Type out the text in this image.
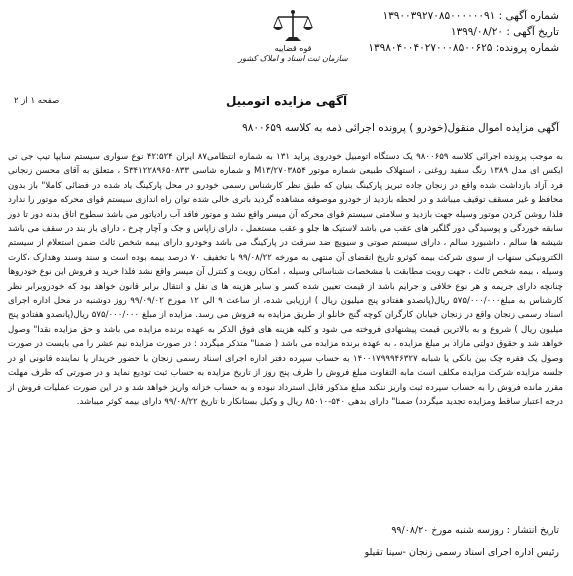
شماره آگهی : ۱۳۹۰۰۳۹۲۷۰۸۵۰۰۰۰۰۰۹۱
تاریخ آگهی : ۱۳۹۹/۰۸/۲۰
شماره پرونده: ۱۳۹۸۰۴۰۰۴۰۲۷۰۰۰۸۵۰۰۶۲۵
قوه قضاییه
سازمان ثبت اسناد و املاک کشور
صفحه ۱ از ۲	آگهی مزایده اتومبیل
آگهی مزایده اموال منقول(خودرو ) پرونده اجرائی ذمه به کلاسه ۹۸۰۰۶۵۹
به موجب پرونده اجرائی کلاسه ۹۸۰۰۶۵۹ یک دستگاه اتومبیل خودروی پراید ۱۳۱ به شماره انتظامی۸۷ ایران ۴۲:۵۲۴ نوع سواری سیستم سایپا تیپ جی تی ایکس ای مدل ۱۳۸۹ رنگ سفید روغنی ، استهلاک طبیعی شماره موتور M۱۳/۲۷۰۳۸۵۴ و شماره شاسی S۳۴۱۲۲۸۹۶۵۰۸۳۳ ، متعلق به آقای محسن زنجانی فرد آزاد بازداشت شده واقع در زنجان جاده تبریز پارکینگ بنیان که طبق نظر کارشناس رسمی خودرو در محل پارکینگ یاد شده در فضائی کاملا" باز بدون محافظ و غیر مسقف توقیف میباشد و در لحظه بازدید از خودرو موصوفه مشاهده گردید باتری خالی شده توان راه اندازی سیستم قوای محرکه موتور را ندارد فلذا روشن کردن موتور وسیله جهت بازدید و سلامتی سیستم قوای محرکه آن میسر واقع نشد و موتور فاقد آب رادیاتور می باشد سطوح اتاق بدنه دور تا دور سابقه خوردگی و پوسیدگی دور گلگیر های عقب می باشد لاستیک ها جلو و عقب مستعمل ، دارای زاپاس و جک و آچار چرخ ، دارای بار بند در سقف می باشد شیشه ها سالم ، داشبورد سالم ، دارای سیستم صوتی و سیویچ ضد سرقت در پارکینگ می باشد وخودرو دارای بیمه شخص ثالث ضمن استعلام از سیستم الکترونیکی سنهاب از سوی شرکت بیمه کوثرو تاریخ انقضای آن منتهی به مورخه ۹۹/۰۸/۲۲ با تخفیف ۷۰ درصد بیمه بوده است و سند وسند وهدارک ،کارت وسیله ، بیمه شخص ثالث ، جهت رویت مطابقت با مشخصات شناسائی وسیله ، امکان رویت و کنترل آن میسر واقع نشد فلذا خرید و فروش این نوع خودروها چنانچه دارای جریمه و هر نوع خلافی و جرایم باشد از قیمت تعیین شده کسر و سایر هزینه ها ی نقل و انتقال برابر قانون خواهد بود که خودروبرابر نظر کارشناس به مبلغ۵۷۵/۰۰۰/۰۰۰ ریال(پانصدو هفتادو پنج میلیون ریال ) ارزیابی شده، از ساعت ۹ الی ۱۲ مورخ ۹۹/۰۹/۰۲ روز دوشنبه در محل اداره اجرای اسناد رسمی زنجان واقع در زنجان خیابان کارگران کوچه گنج خانلو از طریق مزایده به فروش می رسد. مزایده از مبلغ ۵۷۵/۰۰۰/۰۰۰ ریال(پانصدو هفتادو پنج میلیون ریال ) شروع و به بالاترین قیمت پیشنهادی فروخته می شود و کلیه هزینه های فوق الذکر به عهده برنده مزایده می باشد و حق مزایده نقدا" وصول خواهد شد و حقوق دولتی مازاد بر مبلغ مزایده ، به عهده برنده مزایده می باشد ( ضمنا" متذکر میگردد : در صورت مزایده نیم عشر را می بایست در صورت وصول یک فقره چک بین بانکی یا شبابه ۱۴۰۰۱۷۹۹۹۴۶۳۲۷ به حساب سپرده دفتر اداره اجرای اسناد رسمی زنجان با حضور خریدار یا نماینده قانونی او در جلسه مزایده شرکت مزایده مکلف است مابه التفاوت مبلغ فروش را ظرف پنج روز از تاریخ مزایده به حساب ثبت تودیع نماید و در صورتی که ظرف مهلت مقرر مانده فروش را به حساب سپرده ثبت واریز ننکند مبلغ مذکور قابل استرداد نبوده و به حساب خزانه واریز خواهد شد و در این صورت عملیات فروش از درجه اعتبار ساقط ومزایده تجدید میگردد) ضمنا" دارای بدهی ۵۴۰-۸۵۰۱۰ ریال و وکیل بستانکار تا تاریخ ۹۹/۰۸/۲۲ دارای بیمه کوثر میباشد.
تاریخ انتشار : روزسه شنبه مورخ ۹۹/۰۸/۲۰
رئیس اداره اجرای اسناد رسمی زنجان -سینا تقیلو
